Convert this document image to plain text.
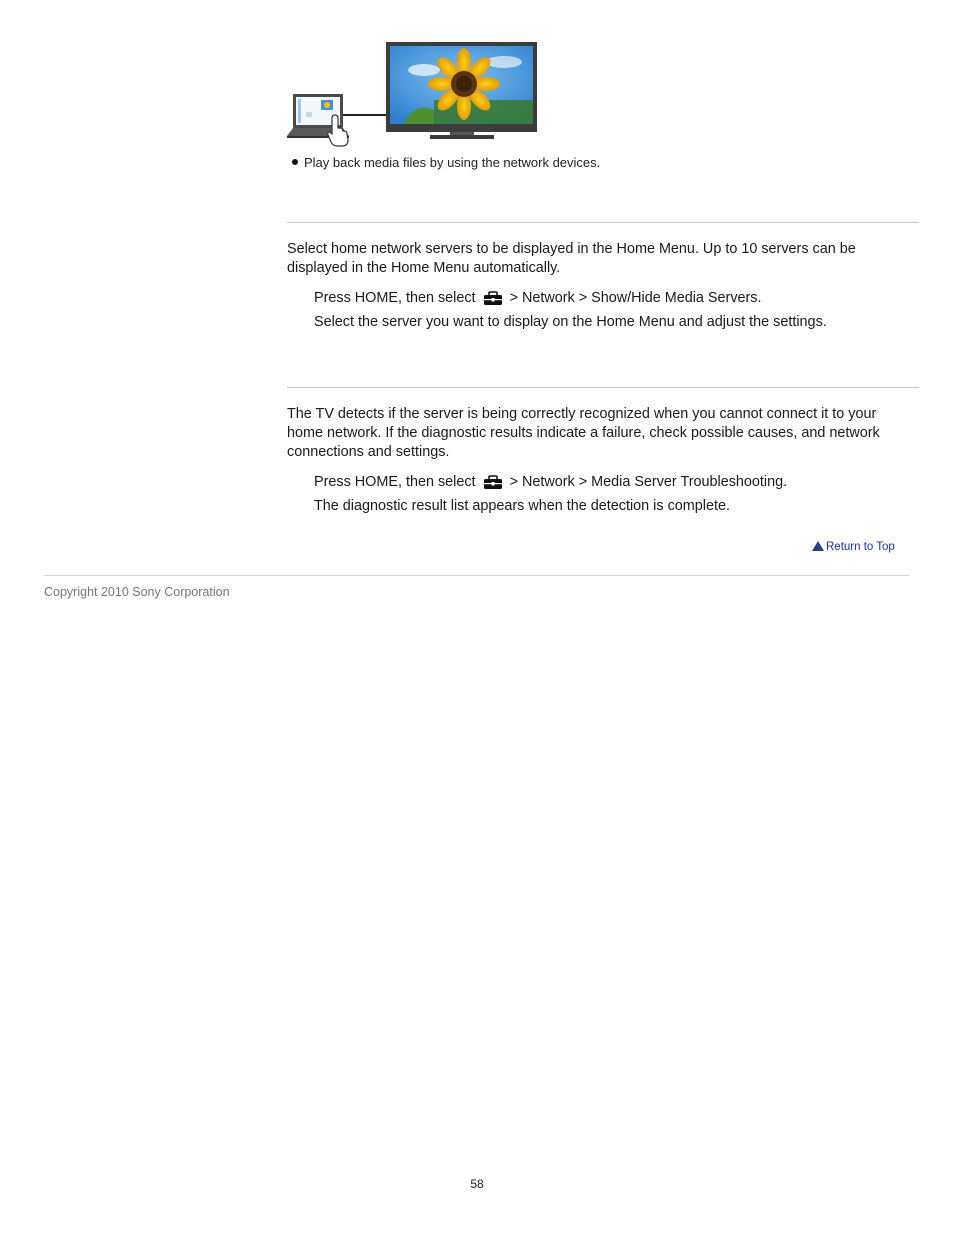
Play back media files by using the network devices.
Select home network servers to be displayed in the Home Menu. Up to 10 servers can be displayed in the Home Menu automatically.
Press HOME, then select > Network > Show/Hide Media Servers.
Select the server you want to display on the Home Menu and adjust the settings.
The TV detects if the server is being correctly recognized when you cannot connect it to your home network. If the diagnostic results indicate a failure, check possible causes, and network connections and settings.
Press HOME, then select > Network > Media Server Troubleshooting.
The diagnostic result list appears when the detection is complete.
Return to Top
Copyright 2010 Sony Corporation
58
